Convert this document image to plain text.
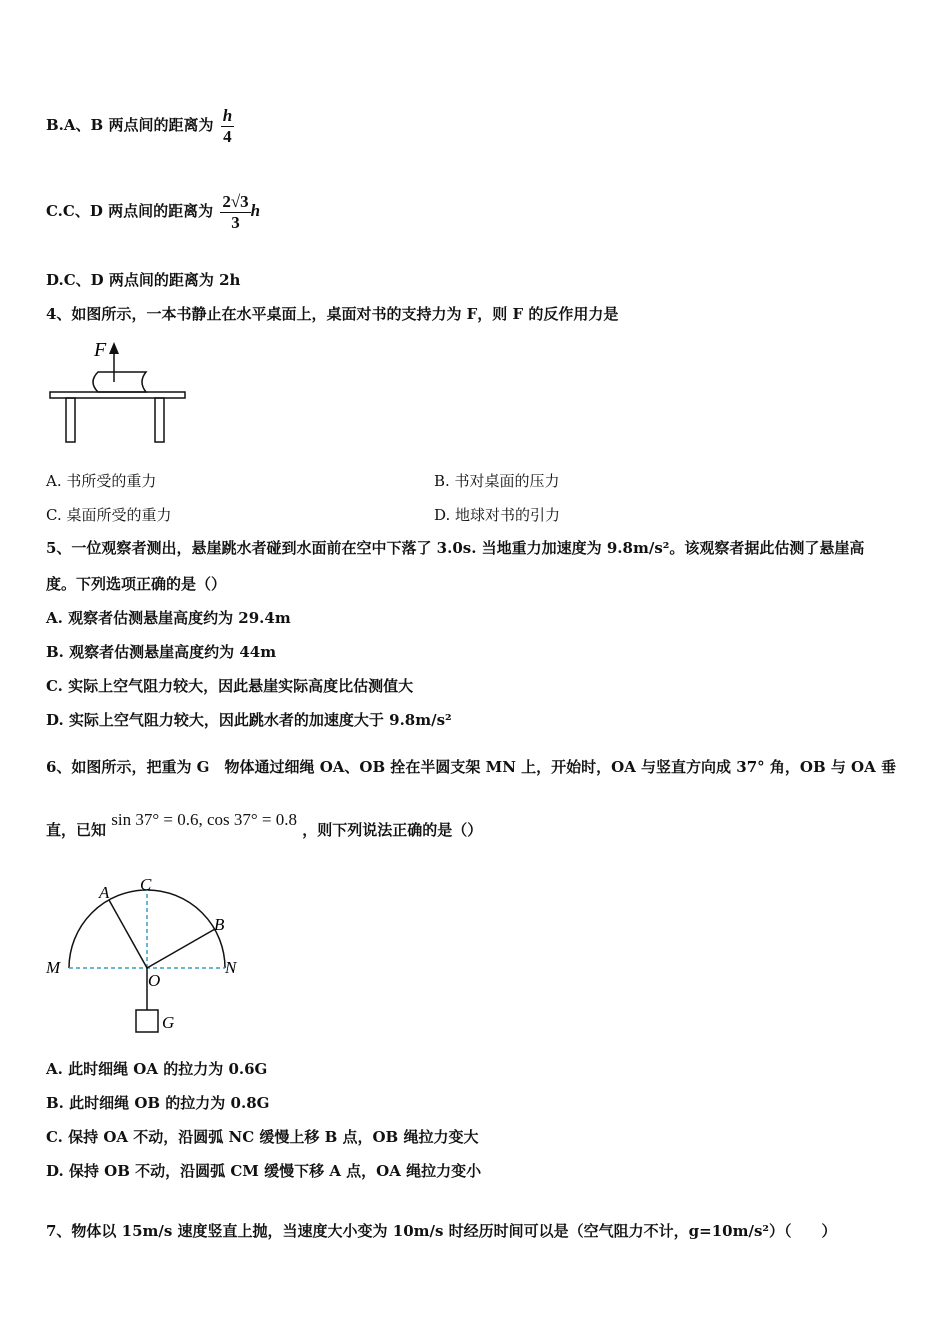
B.A、B 两点间的距离为 $\frac{h}{4}$
C.C、D 两点间的距离为 $\frac{2√3}{3}$ h
D.C、D 两点间的距离为 2h
4、如图所示，一本书静止在水平桌面上，桌面对书的支持力为 F，则 F 的反作用力是
F
A. 书所受的重力	B. 书对桌面的压力
C. 桌面所受的重力	D. 地球对书的引力
5、一位观察者测出，悬崖跳水者碰到水面前在空中下落了 3.0s. 当地重力加速度为 9.8m/s²。该观察者据此估测了悬崖高
度。下列选项正确的是（）
A. 观察者估测悬崖高度约为 29.4m
B. 观察者估测悬崖高度约为 44m
C. 实际上空气阻力较大，因此悬崖实际高度比估测值大
D. 实际上空气阻力较大，因此跳水者的加速度大于 9.8m/s²
6、如图所示，把重为 G　物体通过细绳 OA、OB 拴在半圆支架 MN 上，开始时，OA 与竖直方向成 37° 角，OB 与 OA 垂
直，已知 sin 37° = 0.6, cos 37° = 0.8 ，则下列说法正确的是（）
A C
B
M	N
O
G
A. 此时细绳 OA 的拉力为 0.6G
B. 此时细绳 OB 的拉力为 0.8G
C. 保持 OA 不动，沿圆弧 NC 缓慢上移 B 点，OB 绳拉力变大
D. 保持 OB 不动，沿圆弧 CM 缓慢下移 A 点，OA 绳拉力变小
7、物体以 15m/s 速度竖直上抛，当速度大小变为 10m/s 时经历时间可以是（空气阻力不计，g=10m/s²）（　　）
